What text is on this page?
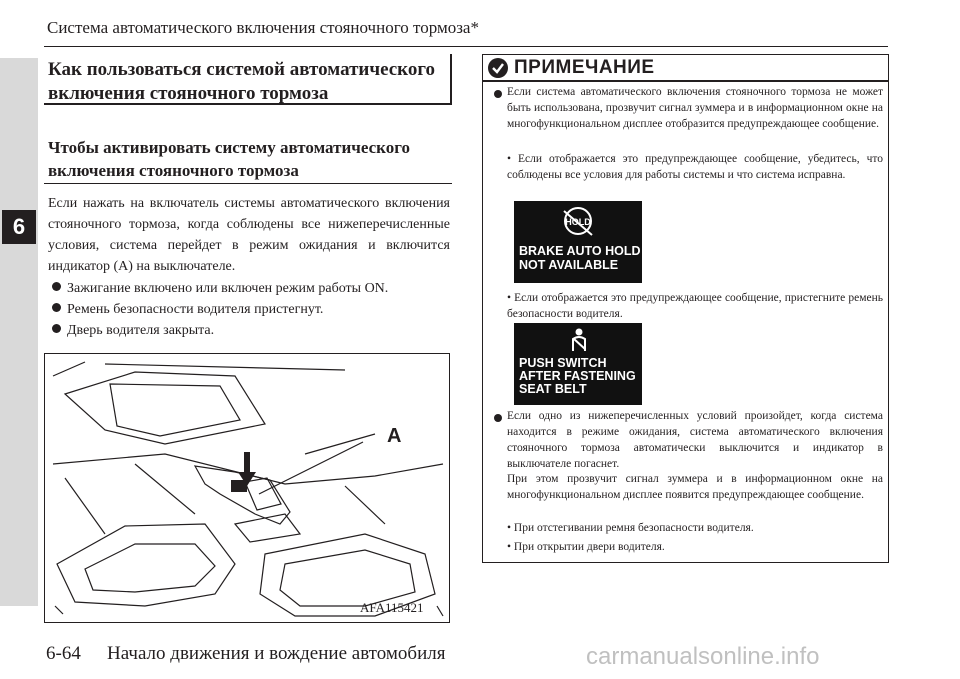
6
Система автоматического включения стояночного тормоза*
Как пользоваться системой автоматического
включения стояночного тормоза
Чтобы активировать систему автоматического
включения стояночного тормоза
Если нажать на включатель системы автоматического включения стояночного тормоза, когда соблюдены все нижеперечисленные условия, система перейдет в режим ожидания и включится индикатор (A) на выключателе.
Зажигание включено или включен режим работы ON.
Ремень безопасности водителя пристегнут.
Дверь водителя закрыта.
A
AFA115421
ПРИМЕЧАНИЕ
Если система автоматического включения стояночного тормоза не может быть использована, прозвучит сигнал зуммера и в информационном окне на многофункциональном дисплее отобразится предупреждающее сообщение.
• Если отображается это предупреждающее сообщение, убедитесь, что соблюдены все условия для работы системы и что система исправна.
HOLD
BRAKE AUTO HOLD
NOT AVAILABLE
• Если отображается это предупреждающее сообщение, пристегните ремень безопасности водителя.
PUSH SWITCH
AFTER FASTENING
SEAT BELT
Если одно из нижеперечисленных условий произойдет, когда система находится в режиме ожидания, система автоматического включения стояночного тормоза автоматически выключится и индикатор в выключателе погаснет.
При этом прозвучит сигнал зуммера и в информационном окне на многофункциональном дисплее появится предупреждающее сообщение.
• При отстегивании ремня безопасности водителя.
• При открытии двери водителя.
6-64 Начало движения и вождение автомобиля	carmanualsonline.info
